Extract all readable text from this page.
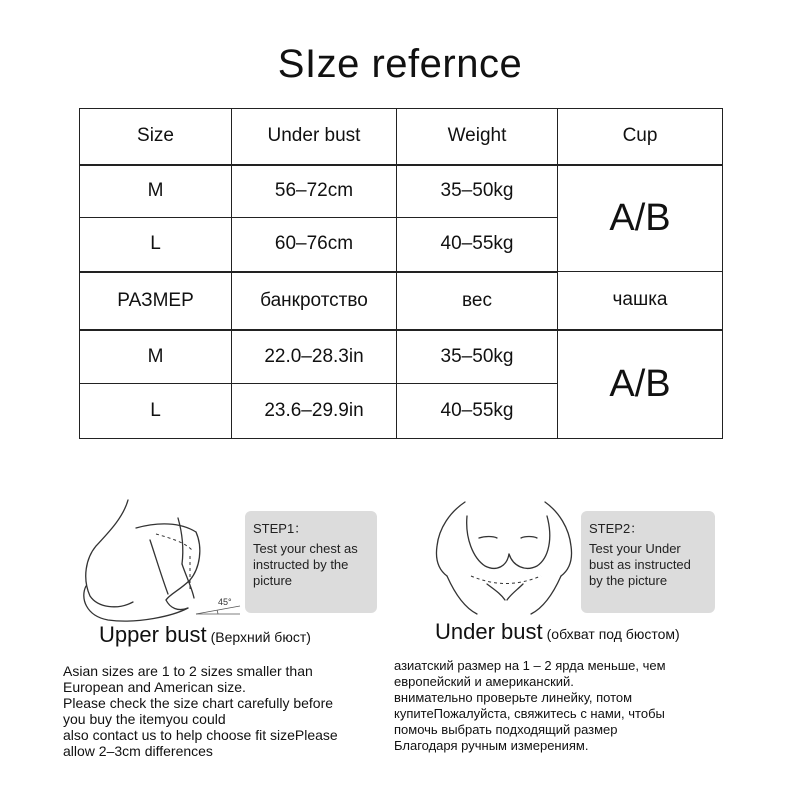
SIze refernce
Size	Under bust	Weight	Cup
M	56–72cm	35–50kg	A/B
L	60–76cm	40–55kg	
РАЗМЕР	банкротство	вес	чашка
M	22.0–28.3in	35–50kg	A/B
L	23.6–29.9in	40–55kg	
45°
STEP1：
Test your chest as instructed by the picture
Upper bust (Верхний бюст)
STEP2：
Test your Under bust as instructed by the picture
Under bust (обхват под бюстом)
Asian sizes are 1 to 2 sizes smaller than
European and American size.
Please check the size chart carefully before
you buy the itemyou could
also contact us to help choose fit sizePlease
allow 2–3cm differences
азиатский размер на 1 – 2 ярда меньше, чем
европейский и американский.
внимательно проверьте линейку, потом
купитеПожалуйста, свяжитесь с нами, чтобы
помочь выбрать подходящий размер
Благодаря ручным измерениям.
